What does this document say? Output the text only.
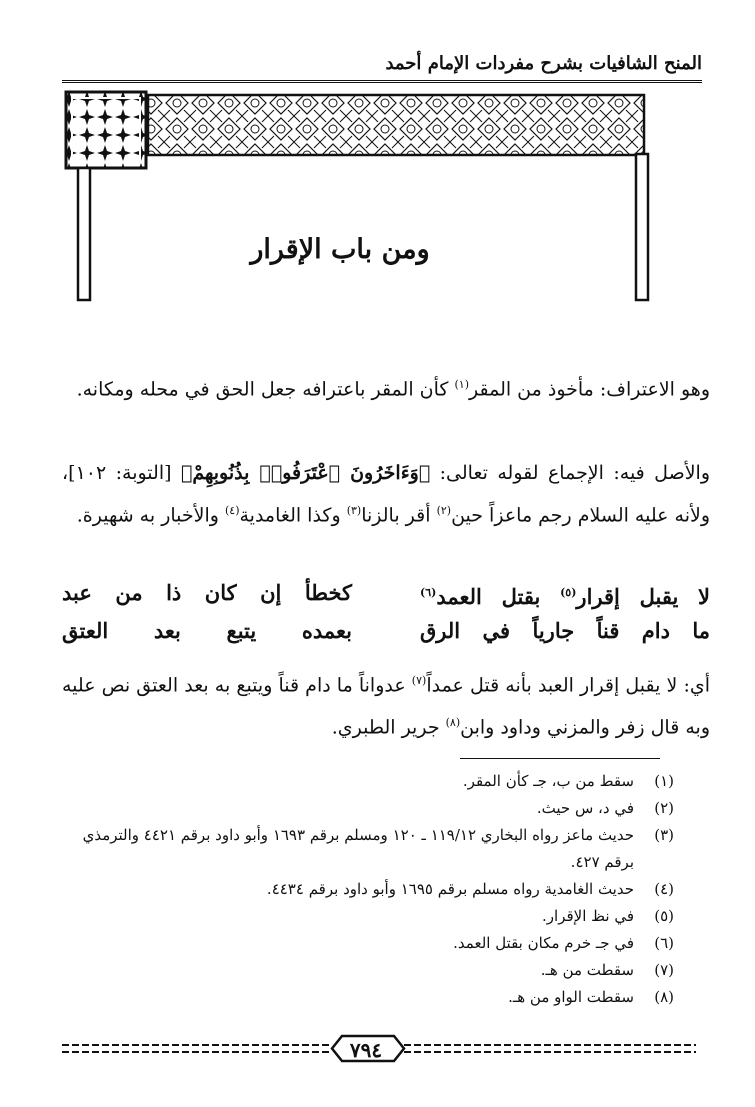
المنح الشافيات بشرح مفردات الإمام أحمد
ومن باب الإقرار
وهو الاعتراف: مأخوذ من المقر$^{(١)}$ كأن المقر باعترافه جعل الحق في محله ومكانه.
والأصل فيه: الإجماع لقوله تعالى: ﴿وَءَاخَرُونَ ٱعْتَرَفُوا۟ بِذُنُوبِهِمْ﴾ [التوبة: ١٠٢]، ولأنه عليه السلام رجم ماعزاً حين$^{(٢)}$ أقر بالزنا$^{(٣)}$ وكذا الغامدية$^{(٤)}$ والأخبار به شهيرة.
لا يقبل إقرار$^{(٥)}$ بقتل العمد$^{(٦)}$
كخطأ إن كان ذا من عبد
ما دام قناً جارياً في الرق
بعمده يتبع بعد العتق
أي: لا يقبل إقرار العبد بأنه قتل عمداً$^{(٧)}$ عدواناً ما دام قناً ويتبع به بعد العتق نص عليه وبه قال زفر والمزني وداود وابن$^{(٨)}$ جرير الطبري.
(١)
سقط من ب، جـ كأن المقر.
(٢)
في د، س حيث.
(٣)
حديث ماعز رواه البخاري ١١٩/١٢ ـ ١٢٠ ومسلم برقم ١٦٩٣ وأبو داود برقم ٤٤٢١ والترمذي برقم ٤٢٧.
(٤)
حديث الغامدية رواه مسلم برقم ١٦٩٥ وأبو داود برقم ٤٤٣٤.
(٥)
في نظ الإقرار.
(٦)
في جـ خرم مكان بقتل العمد.
(٧)
سقطت من هـ.
(٨)
سقطت الواو من هـ.
٧٩٤
